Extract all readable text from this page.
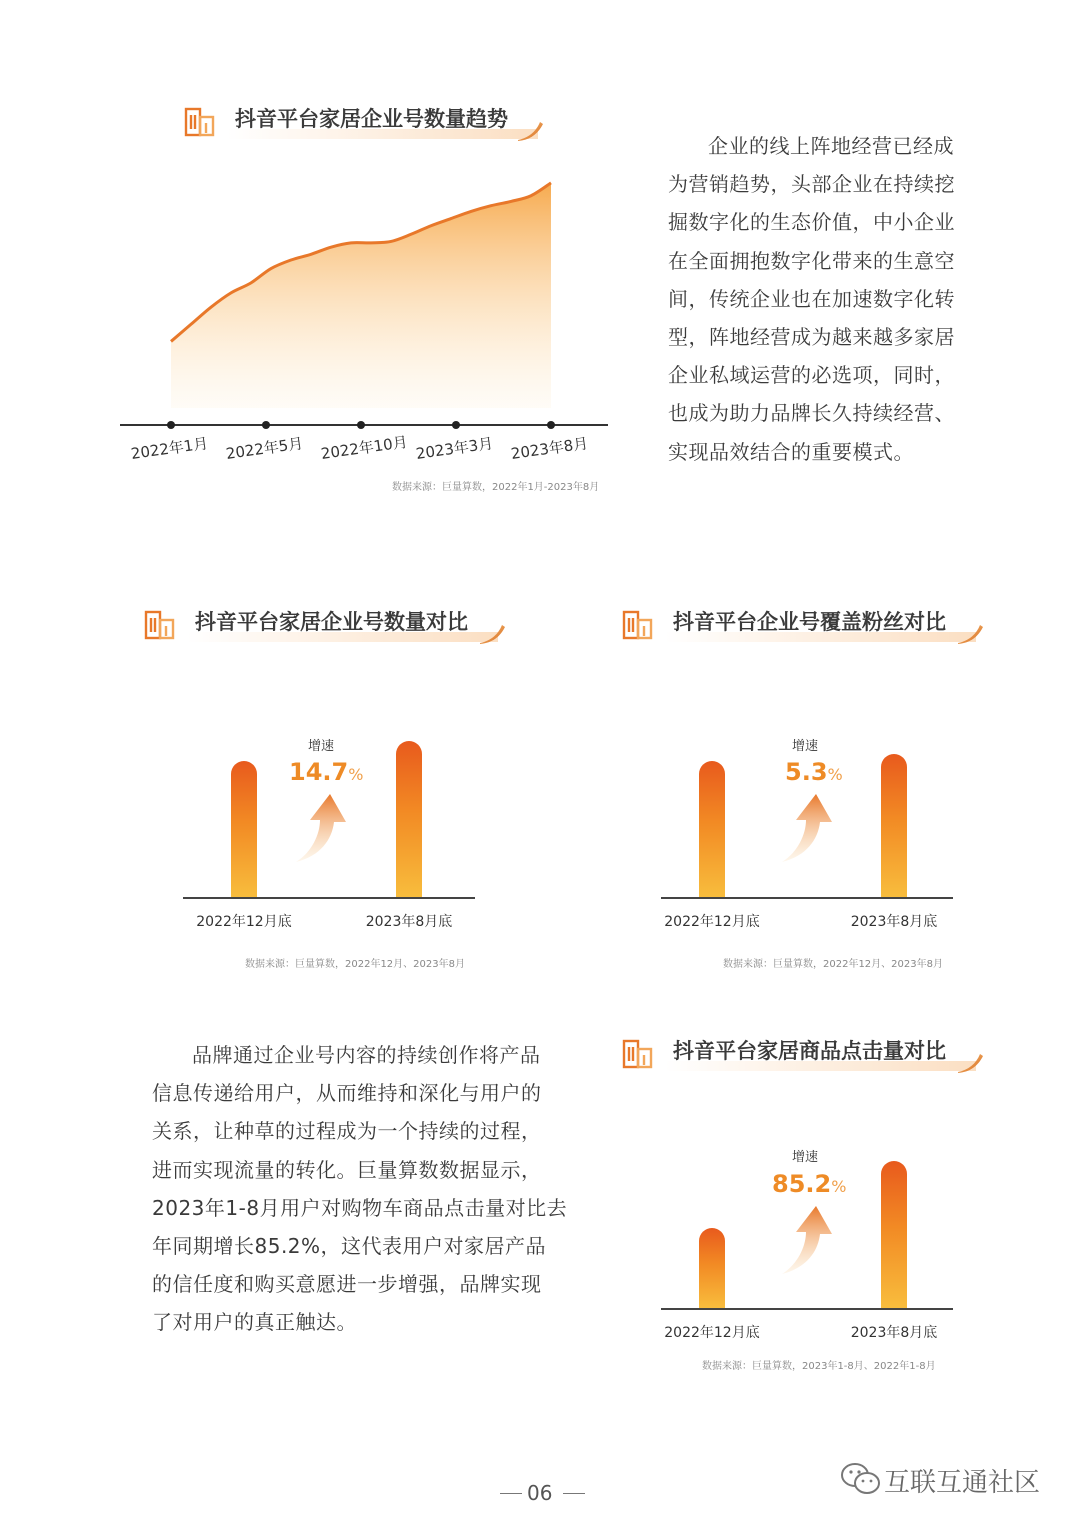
抖音平台家居企业号数量趋势
2022年1月 2022年5月 2022年10月 2023年3月 2023年8月
数据来源：巨量算数，2022年1月-2023年8月

企业的线上阵地经营已经成

为营销趋势，头部企业在持续挖

掘数字化的生态价值，中小企业

在全面拥抱数字化带来的生意空

间，传统企业也在加速数字化转

型，阵地经营成为越来越多家居

企业私域运营的必选项，同时，

也成为助力品牌长久持续经营、

实现品效结合的重要模式。

抖音平台家居企业号数量对比	抖音平台企业号覆盖粉丝对比
2022年12月底	2023年8月底	2022年12月底	2023年8月底
2022年12月底	2023年8月底
增速
14.7%
增速
5.3%
增速
85.2%
数据来源：巨量算数，2022年12月、2023年8月	数据来源：巨量算数，2022年12月、2023年8月

品牌通过企业号内容的持续创作将产品

信息传递给用户，从而维持和深化与用户的

关系，让种草的过程成为一个持续的过程，

进而实现流量的转化。巨量算数数据显示，

2023年1-8月用户对购物车商品点击量对比去

年同期增长85.2%，这代表用户对家居产品

的信任度和购买意愿进一步增强，品牌实现

了对用户的真正触达。

抖音平台家居商品点击量对比
数据来源：巨量算数，2023年1-8月、2022年1-8月
06	互联互通社区
